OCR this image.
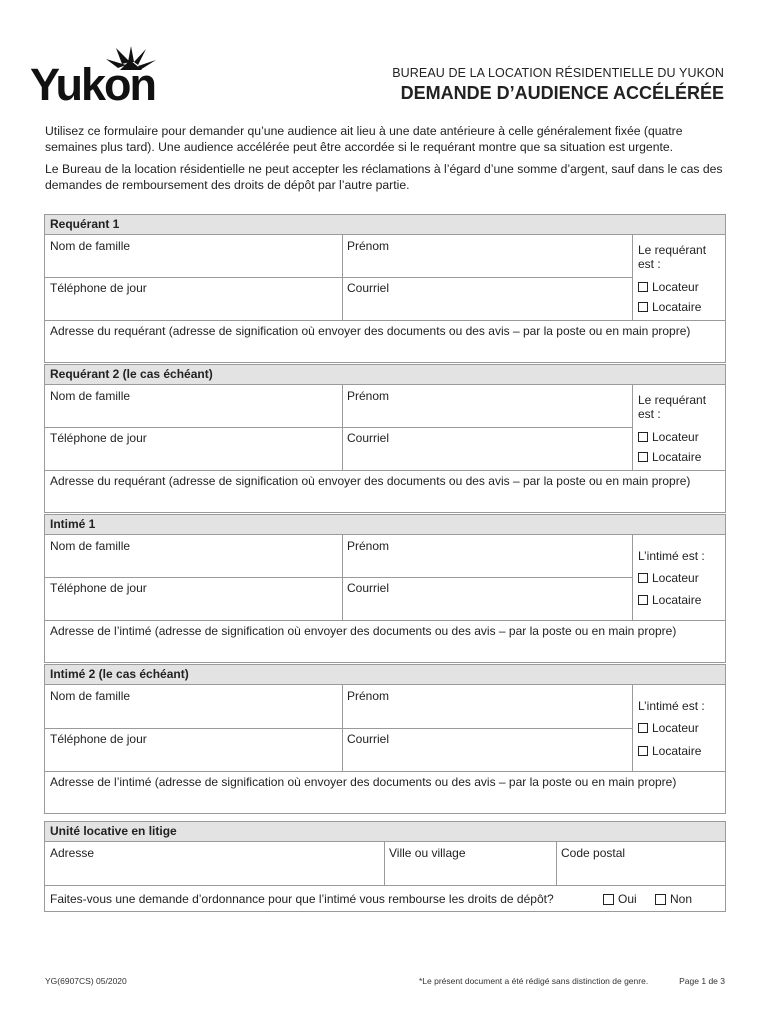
Yukon	BUREAU DE LA LOCATION RÉSIDENTIELLE DU YUKON
DEMANDE D’AUDIENCE ACCÉLÉRÉE
Utilisez ce formulaire pour demander qu’une audience ait lieu à une date antérieure à celle généralement fixée (quatre semaines plus tard). Une audience accélérée peut être accordée si le requérant montre que sa situation est urgente.
Le Bureau de la location résidentielle ne peut accepter les réclamations à l’égard d’une somme d’argent, sauf dans le cas des demandes de remboursement des droits de dépôt par l’autre partie.
Requérant 1
Nom de famille	Prénom
Téléphone de jour	Courriel
Le requérant est :
Locateur
Locataire
Adresse du requérant (adresse de signification où envoyer des documents ou des avis – par la poste ou en main propre)
Requérant 2 (le cas échéant)
Nom de famille	Prénom
Téléphone de jour	Courriel
Le requérant est :
Locateur
Locataire
Adresse du requérant (adresse de signification où envoyer des documents ou des avis – par la poste ou en main propre)
Intimé 1
Nom de famille	Prénom
Téléphone de jour	Courriel
L’intimé est :
Locateur
Locataire
Adresse de l’intimé (adresse de signification où envoyer des documents ou des avis – par la poste ou en main propre)
Intimé 2 (le cas échéant)
Nom de famille	Prénom
Téléphone de jour	Courriel
L’intimé est :
Locateur
Locataire
Adresse de l’intimé (adresse de signification où envoyer des documents ou des avis – par la poste ou en main propre)
Unité locative en litige
Adresse	Ville ou village	Code postal
Faites-vous une demande d’ordonnance pour que l’intimé vous rembourse les droits de dépôt?	Oui	Non
YG(6907CS) 05/2020	*Le présent document a été rédigé sans distinction de genre.	Page 1 de 3
